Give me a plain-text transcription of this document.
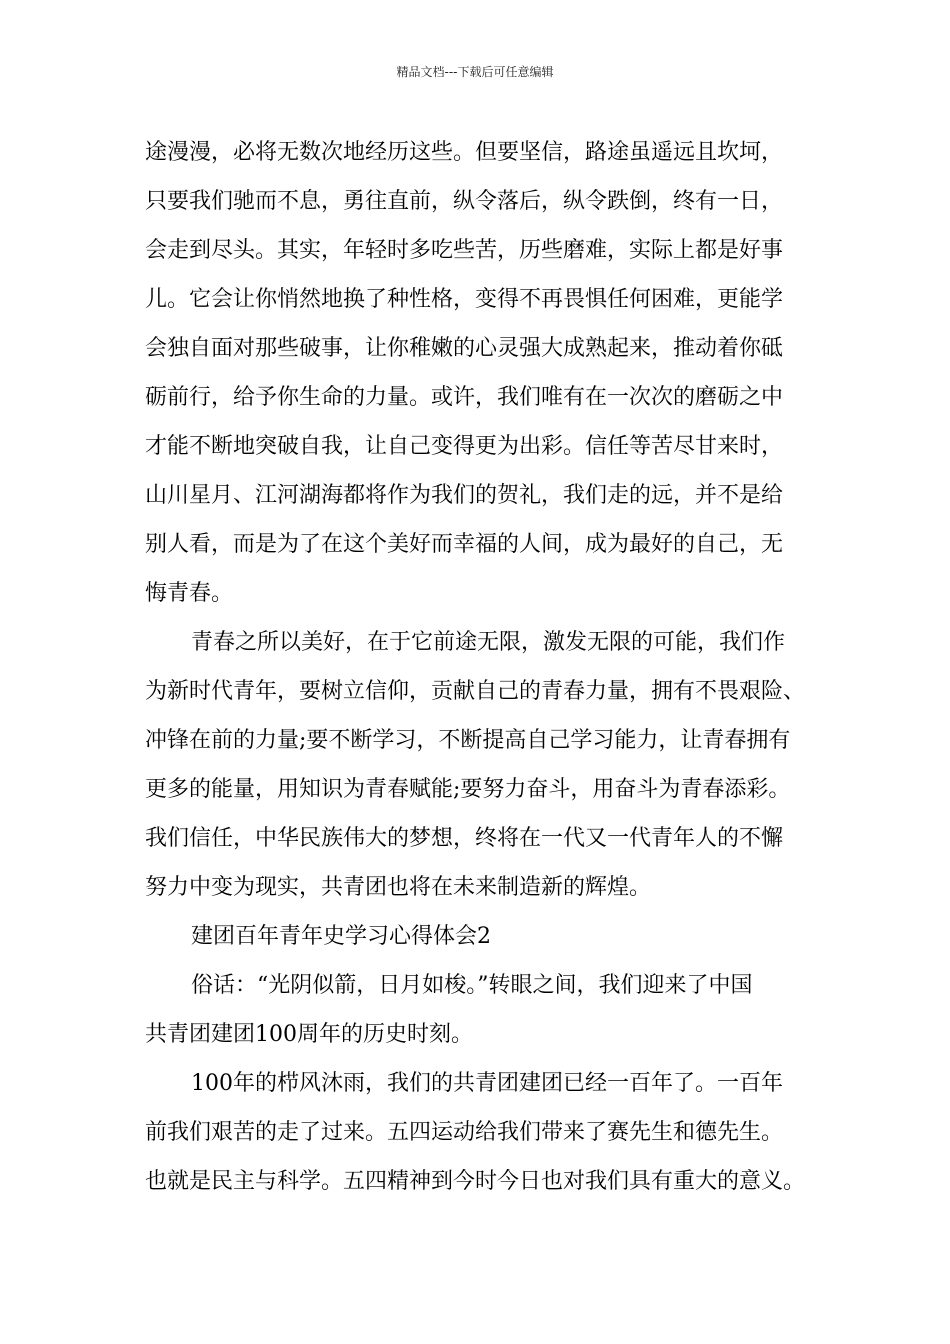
精品文档---下载后可任意编辑
途漫漫，必将无数次地经历这些。但要坚信，路途虽遥远且坎坷，
只要我们驰而不息，勇往直前，纵令落后，纵令跌倒，终有一日，
会走到尽头。其实，年轻时多吃些苦，历些磨难，实际上都是好事
儿。它会让你悄然地换了种性格，变得不再畏惧任何困难，更能学
会独自面对那些破事，让你稚嫩的心灵强大成熟起来，推动着你砥
砺前行，给予你生命的力量。或许，我们唯有在一次次的磨砺之中
才能不断地突破自我，让自己变得更为出彩。信任等苦尽甘来时，
山川星月、江河湖海都将作为我们的贺礼，我们走的远，并不是给
别人看，而是为了在这个美好而幸福的人间，成为最好的自己，无
悔青春。
青春之所以美好，在于它前途无限，激发无限的可能，我们作
为新时代青年，要树立信仰，贡献自己的青春力量，拥有不畏艰险、
冲锋在前的力量;要不断学习，不断提高自己学习能力，让青春拥有
更多的能量，用知识为青春赋能;要努力奋斗，用奋斗为青春添彩。
我们信任，中华民族伟大的梦想，终将在一代又一代青年人的不懈
努力中变为现实，共青团也将在未来制造新的辉煌。
建团百年青年史学习心得体会2
俗话：“光阴似箭，日月如梭。”转眼之间，我们迎来了中国
共青团建团100周年的历史时刻。
100年的栉风沐雨，我们的共青团建团已经一百年了。一百年
前我们艰苦的走了过来。五四运动给我们带来了赛先生和德先生。
也就是民主与科学。五四精神到今时今日也对我们具有重大的意义。
